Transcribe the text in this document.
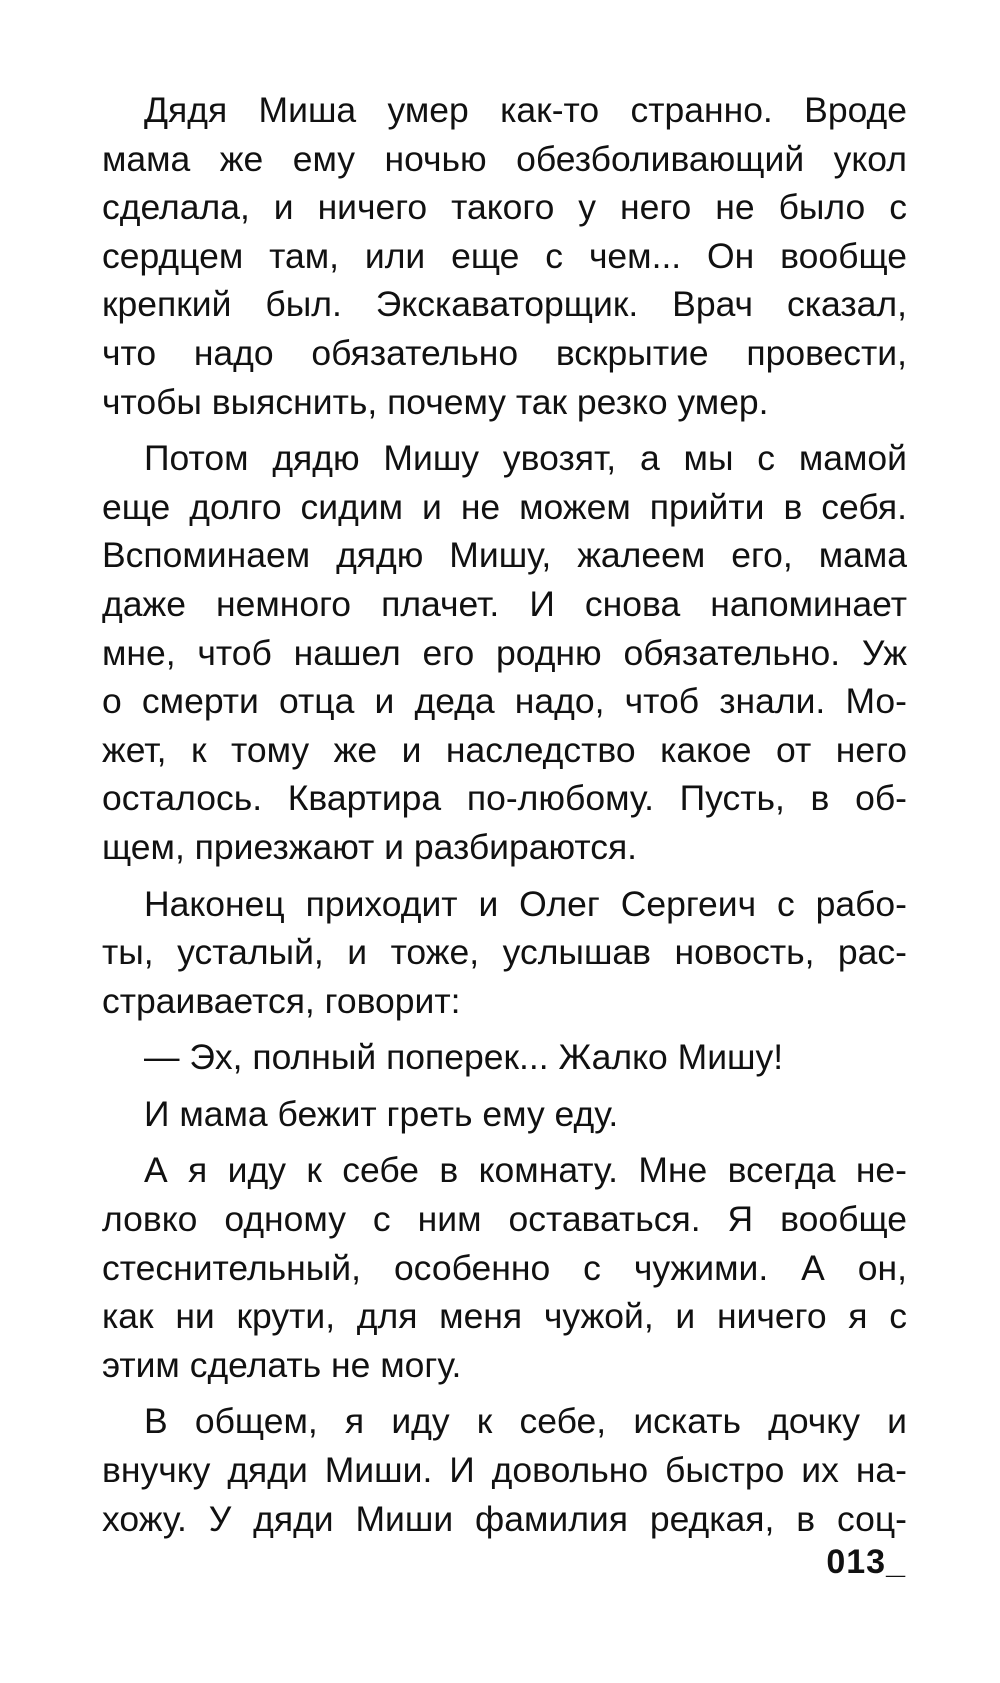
Дядя Миша умер как-то странно. Вроде
мама же ему ночью обезболивающий укол
сделала, и ничего такого у него не было с
сердцем там, или еще с чем... Он вообще
крепкий был. Экскаваторщик. Врач сказал,
что надо обязательно вскрытие провести,
чтобы выяснить, почему так резко умер.
Потом дядю Мишу увозят, а мы с мамой
еще долго сидим и не можем прийти в себя.
Вспоминаем дядю Мишу, жалеем его, мама
даже немного плачет. И снова напоминает
мне, чтоб нашел его родню обязательно. Уж
о смерти отца и деда надо, чтоб знали. Мо-
жет, к тому же и наследство какое от него
осталось. Квартира по-любому. Пусть, в об-
щем, приезжают и разбираются.
Наконец приходит и Олег Сергеич с рабо-
ты, усталый, и тоже, услышав новость, рас-
страивается, говорит:
— Эх, полный поперек... Жалко Мишу!
И мама бежит греть ему еду.
А я иду к себе в комнату. Мне всегда не-
ловко одному с ним оставаться. Я вообще
стеснительный, особенно с чужими. А он,
как ни крути, для меня чужой, и ничего я с
этим сделать не могу.
В общем, я иду к себе, искать дочку и
внучку дяди Миши. И довольно быстро их на-
хожу. У дяди Миши фамилия редкая, в соц-
013_
